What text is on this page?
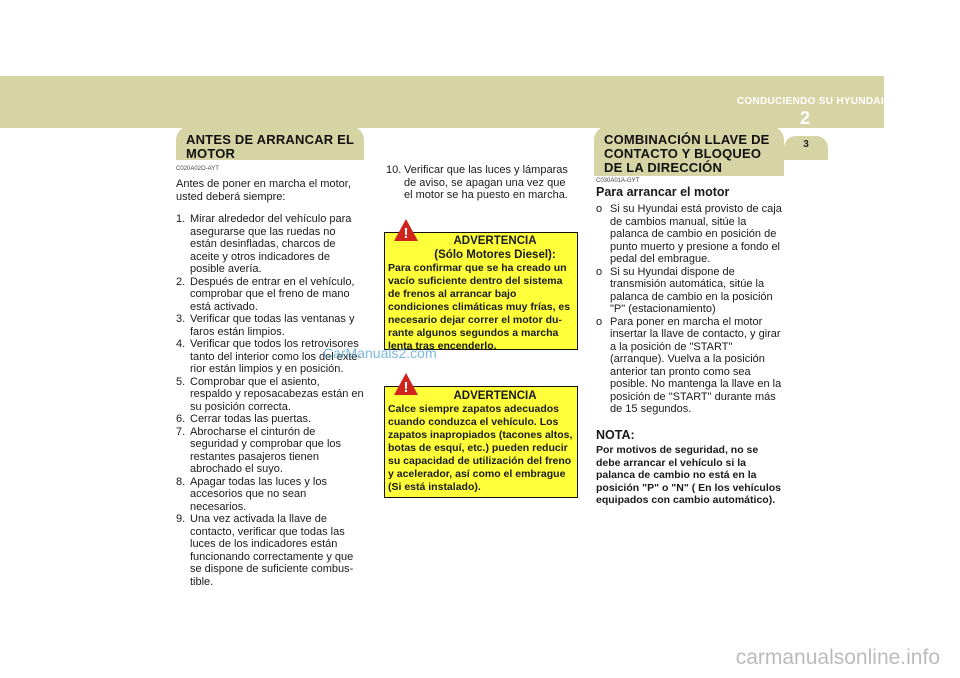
CONDUCIENDO SU HYUNDAI
2
3
ANTES DE ARRANCAR EL MOTOR
C020A02O-AYT

Antes de poner en marcha el motor, usted deberá siempre:

1. Mirar alrededor del vehículo para asegurarse que las ruedas no están desinfladas, charcos de aceite y otros indicadores de posible avería.
2. Después de entrar en el vehículo, comprobar que el freno de mano está activado.
3. Verificar que todas las ventanas y faros están limpios.
4. Verificar que todos los retrovisores tanto del interior como los del exte- rior están limpios y en posición.
5. Comprobar que el asiento, respaldo y reposacabezas están en su posición correcta.
6. Cerrar todas las puertas.
7. Abrocharse el cinturón de seguridad y comprobar que los restantes pasajeros tienen abrochado el suyo.
8. Apagar todas las luces y los accesorios que no sean necesarios.
9. Una vez activada la llave de contacto, verificar que todas las luces de los indicadores están funcionando correctamente y que se dispone de suficiente combus- tible.
10. Verificar que las luces y lámparas de aviso, se apagan una vez que el motor se ha puesto en marcha.
!	ADVERTENCIA
(Sólo Motores Diesel):
Para confirmar que se ha creado un vacío suficiente dentro del sistema de frenos al arrancar bajo condiciones climáticas muy frías, es necesario dejar correr el motor du- rante algunos segundos a marcha lenta tras encenderlo.
!	ADVERTENCIA
Calce siempre zapatos adecuados cuando conduzca el vehículo. Los zapatos inapropiados (tacones altos, botas de esquí, etc.) pueden reducir su capacidad de utilización del freno y acelerador, así como el embrague (Si está instalado).
CarManuals2.com
COMBINACIÓN LLAVE DE CONTACTO Y BLOQUEO DE LA DIRECCIÓN
C030A01A-GYT
Para arrancar el motor
o Si su Hyundai está provisto de caja de cambios manual, sitúe la palanca de cambio en posición de punto muerto y presione a fondo el pedal del embrague.
o Si su Hyundai dispone de transmisión automática, sitúe la palanca de cambio en la posición "P" (estacionamiento)
o Para poner en marcha el motor insertar la llave de contacto, y girar a la posición de "START" (arranque). Vuelva a la posición anterior tan pronto como sea posible. No mantenga la llave en la posición de "START" durante más de 15 segundos.
NOTA:
Por motivos de seguridad, no se debe arrancar el vehículo si la palanca de cambio no está en la posición "P" o "N" ( En los vehículos equipados con cambio automático).
carmanualsonline.info
